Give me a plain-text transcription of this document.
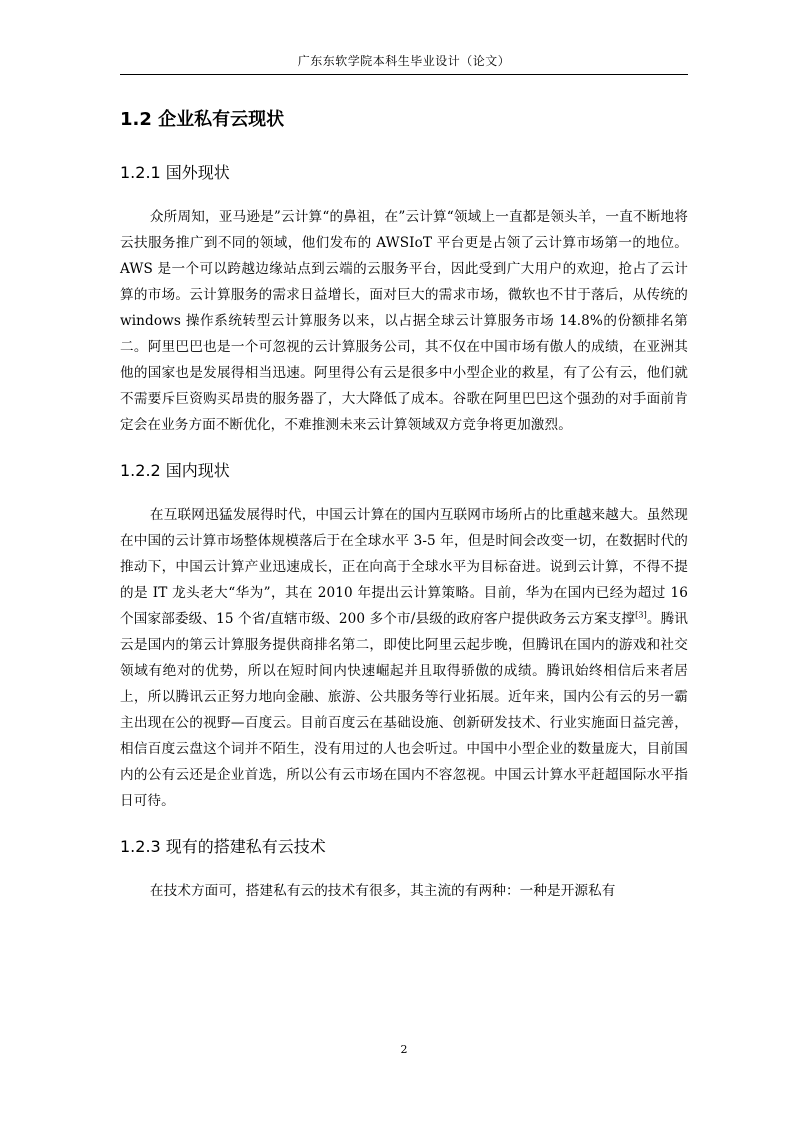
广东东软学院本科生毕业设计（论文）
1.2 企业私有云现状
1.2.1 国外现状

众所周知，亚马逊是”云计算“的鼻祖，在”云计算“领域上一直都是领头羊，一直不断地将云扶服务推广到不同的领域，他们发布的 AWSIoT 平台更是占领了云计算市场第一的地位。AWS 是一个可以跨越边缘站点到云端的云服务平台，因此受到广大用户的欢迎，抢占了云计算的市场。云计算服务的需求日益增长，面对巨大的需求市场，微软也不甘于落后，从传统的 windows 操作系统转型云计算服务以来，以占据全球云计算服务市场 14.8%的份额排名第二。阿里巴巴也是一个可忽视的云计算服务公司，其不仅在中国市场有傲人的成绩，在亚洲其他的国家也是发展得相当迅速。阿里得公有云是很多中小型企业的救星，有了公有云，他们就不需要斥巨资购买昂贵的服务器了，大大降低了成本。谷歌在阿里巴巴这个强劲的对手面前肯定会在业务方面不断优化，不难推测未来云计算领域双方竞争将更加激烈。

1.2.2 国内现状

在互联网迅猛发展得时代，中国云计算在的国内互联网市场所占的比重越来越大。虽然现在中国的云计算市场整体规模落后于在全球水平 3-5 年，但是时间会改变一切，在数据时代的推动下，中国云计算产业迅速成长，正在向高于全球水平为目标奋进。说到云计算，不得不提的是 IT 龙头老大“华为”，其在 2010 年提出云计算策略。目前，华为在国内已经为超过 16 个国家部委级、15 个省/直辖市级、200 多个市/县级的政府客户提供政务云方案支撑[3]。腾讯云是国内的第云计算服务提供商排名第二，即使比阿里云起步晚，但腾讯在国内的游戏和社交领域有绝对的优势，所以在短时间内快速崛起并且取得骄傲的成绩。腾讯始终相信后来者居上，所以腾讯云正努力地向金融、旅游、公共服务等行业拓展。近年来，国内公有云的另一霸主出现在公的视野—百度云。目前百度云在基础设施、创新研发技术、行业实施面日益完善，相信百度云盘这个词并不陌生，没有用过的人也会听过。中国中小型企业的数量庞大，目前国内的公有云还是企业首选，所以公有云市场在国内不容忽视。中国云计算水平赶超国际水平指日可待。

1.2.3 现有的搭建私有云技术

在技术方面可，搭建私有云的技术有很多，其主流的有两种：一种是开源私有

2
